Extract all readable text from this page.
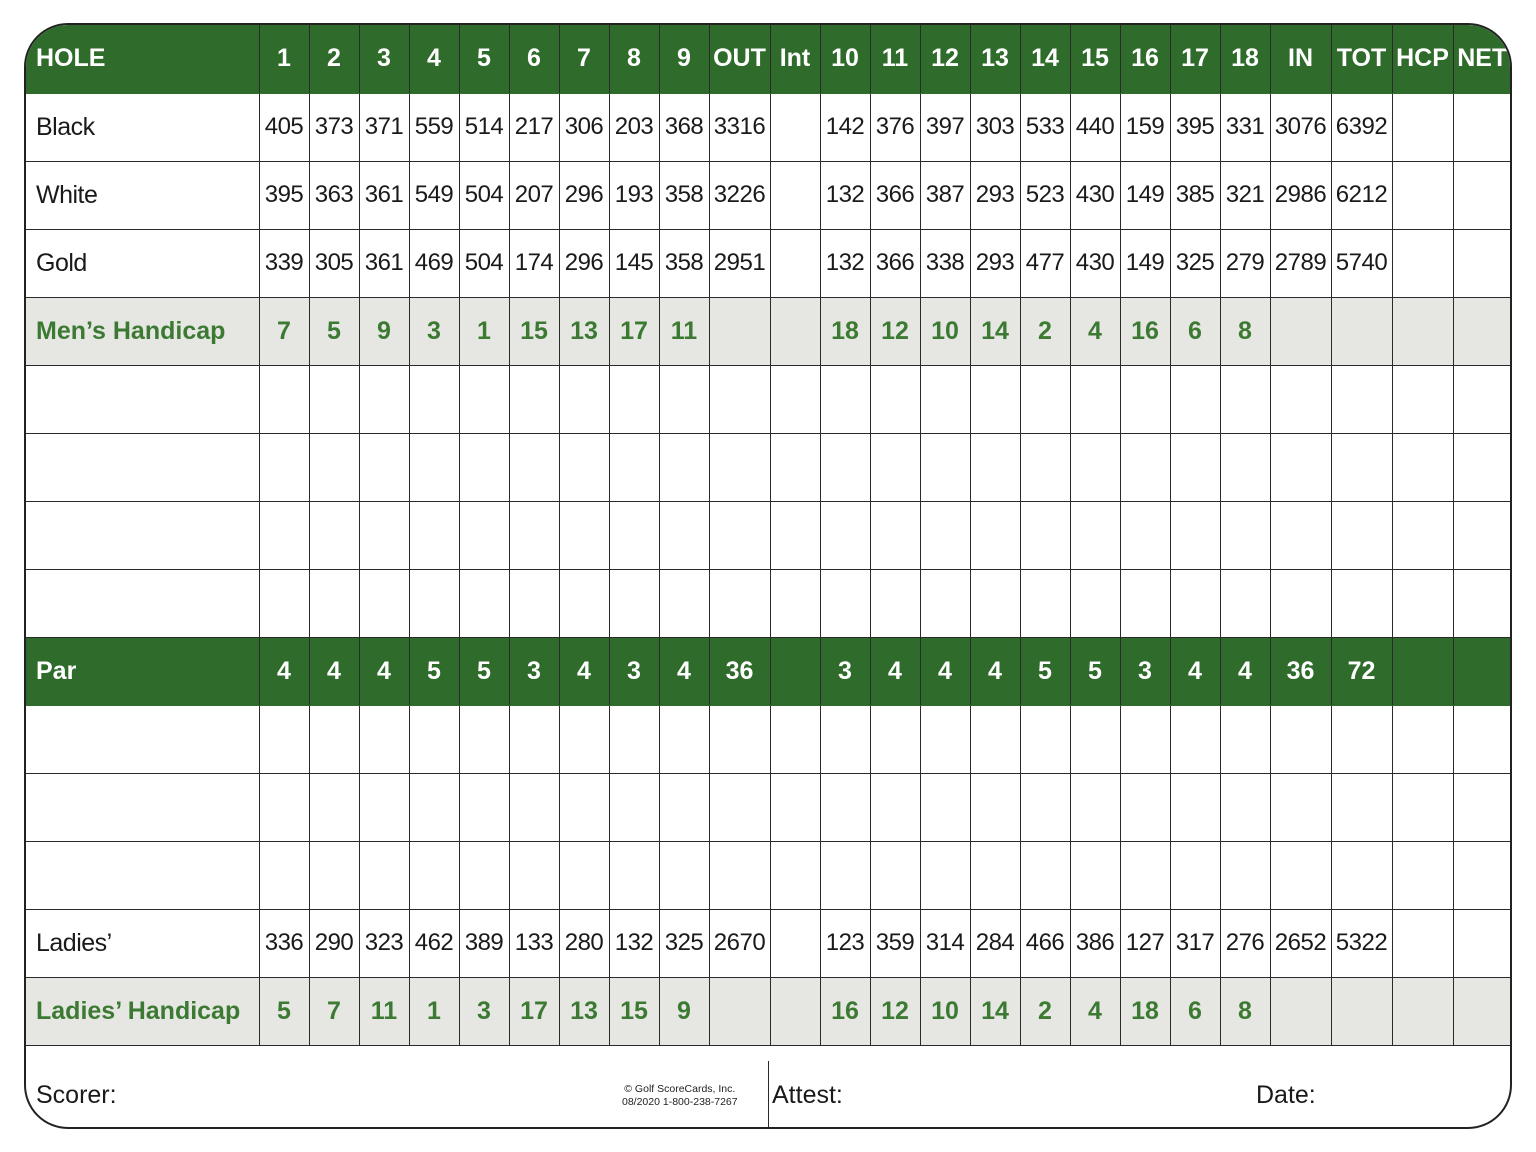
HOLE	1	2	3	4	5	6	7	8	9	OUT	Int	10	11	12	13	14	15	16	17	18	IN	TOT	HCP	NET
Black	405	373	371	559	514	217	306	203	368	3316		142	376	397	303	533	440	159	395	331	3076	6392		
White	395	363	361	549	504	207	296	193	358	3226		132	366	387	293	523	430	149	385	321	2986	6212		
Gold	339	305	361	469	504	174	296	145	358	2951		132	366	338	293	477	430	149	325	279	2789	5740		
Men’s Handicap	7	5	9	3	1	15	13	17	11			18	12	10	14	2	4	16	6	8				

Par	4	4	4	5	5	3	4	3	4	36		3	4	4	4	5	5	3	4	4	36	72		

Ladies’	336	290	323	462	389	133	280	132	325	2670		123	359	314	284	466	386	127	317	276	2652	5322		
Ladies’ Handicap	5	7	11	1	3	17	13	15	9			16	12	10	14	2	4	18	6	8				
Scorer:	© Golf ScoreCards, Inc.
08/2020 1-800-238-7267 Attest:	Date:
